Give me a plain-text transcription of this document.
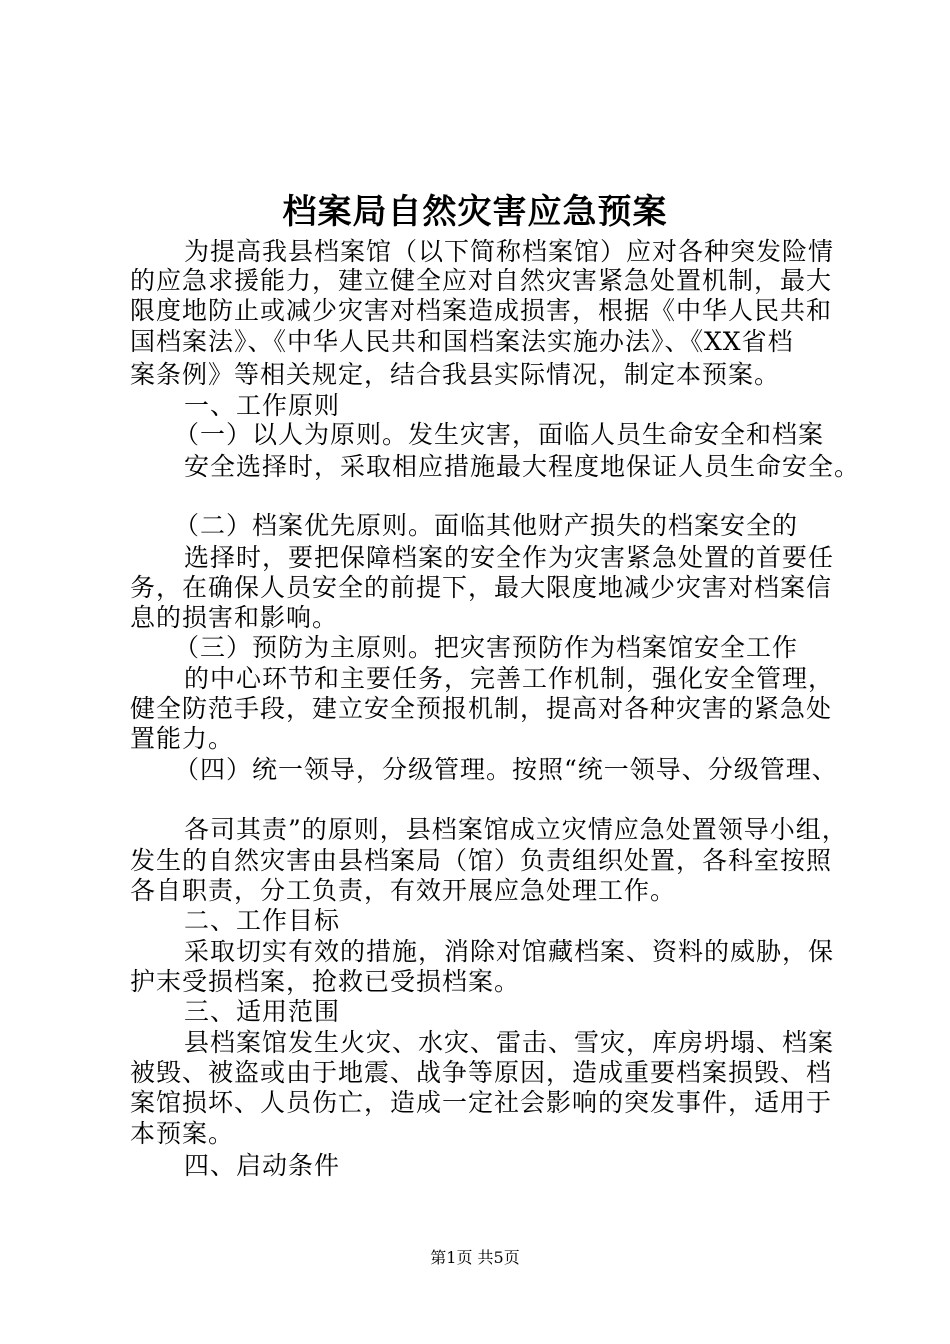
档案局自然灾害应急预案
为提高我县档案馆（以下简称档案馆）应对各种突发险情
的应急求援能力，建立健全应对自然灾害紧急处置机制，最大
限度地防止或减少灾害对档案造成损害，根据《中华人民共和
国档案法》、《中华人民共和国档案法实施办法》、《XX省档
案条例》等相关规定，结合我县实际情况，制定本预案。
一、工作原则
（一）以人为原则。发生灾害，面临人员生命安全和档案
安全选择时，采取相应措施最大程度地保证人员生命安全。
（二）档案优先原则。面临其他财产损失的档案安全的
选择时，要把保障档案的安全作为灾害紧急处置的首要任
务，在确保人员安全的前提下，最大限度地减少灾害对档案信
息的损害和影响。
（三）预防为主原则。把灾害预防作为档案馆安全工作
的中心环节和主要任务，完善工作机制，强化安全管理，
健全防范手段，建立安全预报机制，提高对各种灾害的紧急处
置能力。
（四）统一领导，分级管理。按照“统一领导、分级管理、
各司其责”的原则，县档案馆成立灾情应急处置领导小组，
发生的自然灾害由县档案局（馆）负责组织处置，各科室按照
各自职责，分工负责，有效开展应急处理工作。
二、工作目标
采取切实有效的措施，消除对馆藏档案、资料的威胁，保
护末受损档案，抢救已受损档案。
三、适用范围
县档案馆发生火灾、水灾、雷击、雪灾，库房坍塌、档案
被毁、被盗或由于地震、战争等原因，造成重要档案损毁、档
案馆损坏、人员伤亡，造成一定社会影响的突发事件，适用于
本预案。
四、启动条件
第1页 共5页
